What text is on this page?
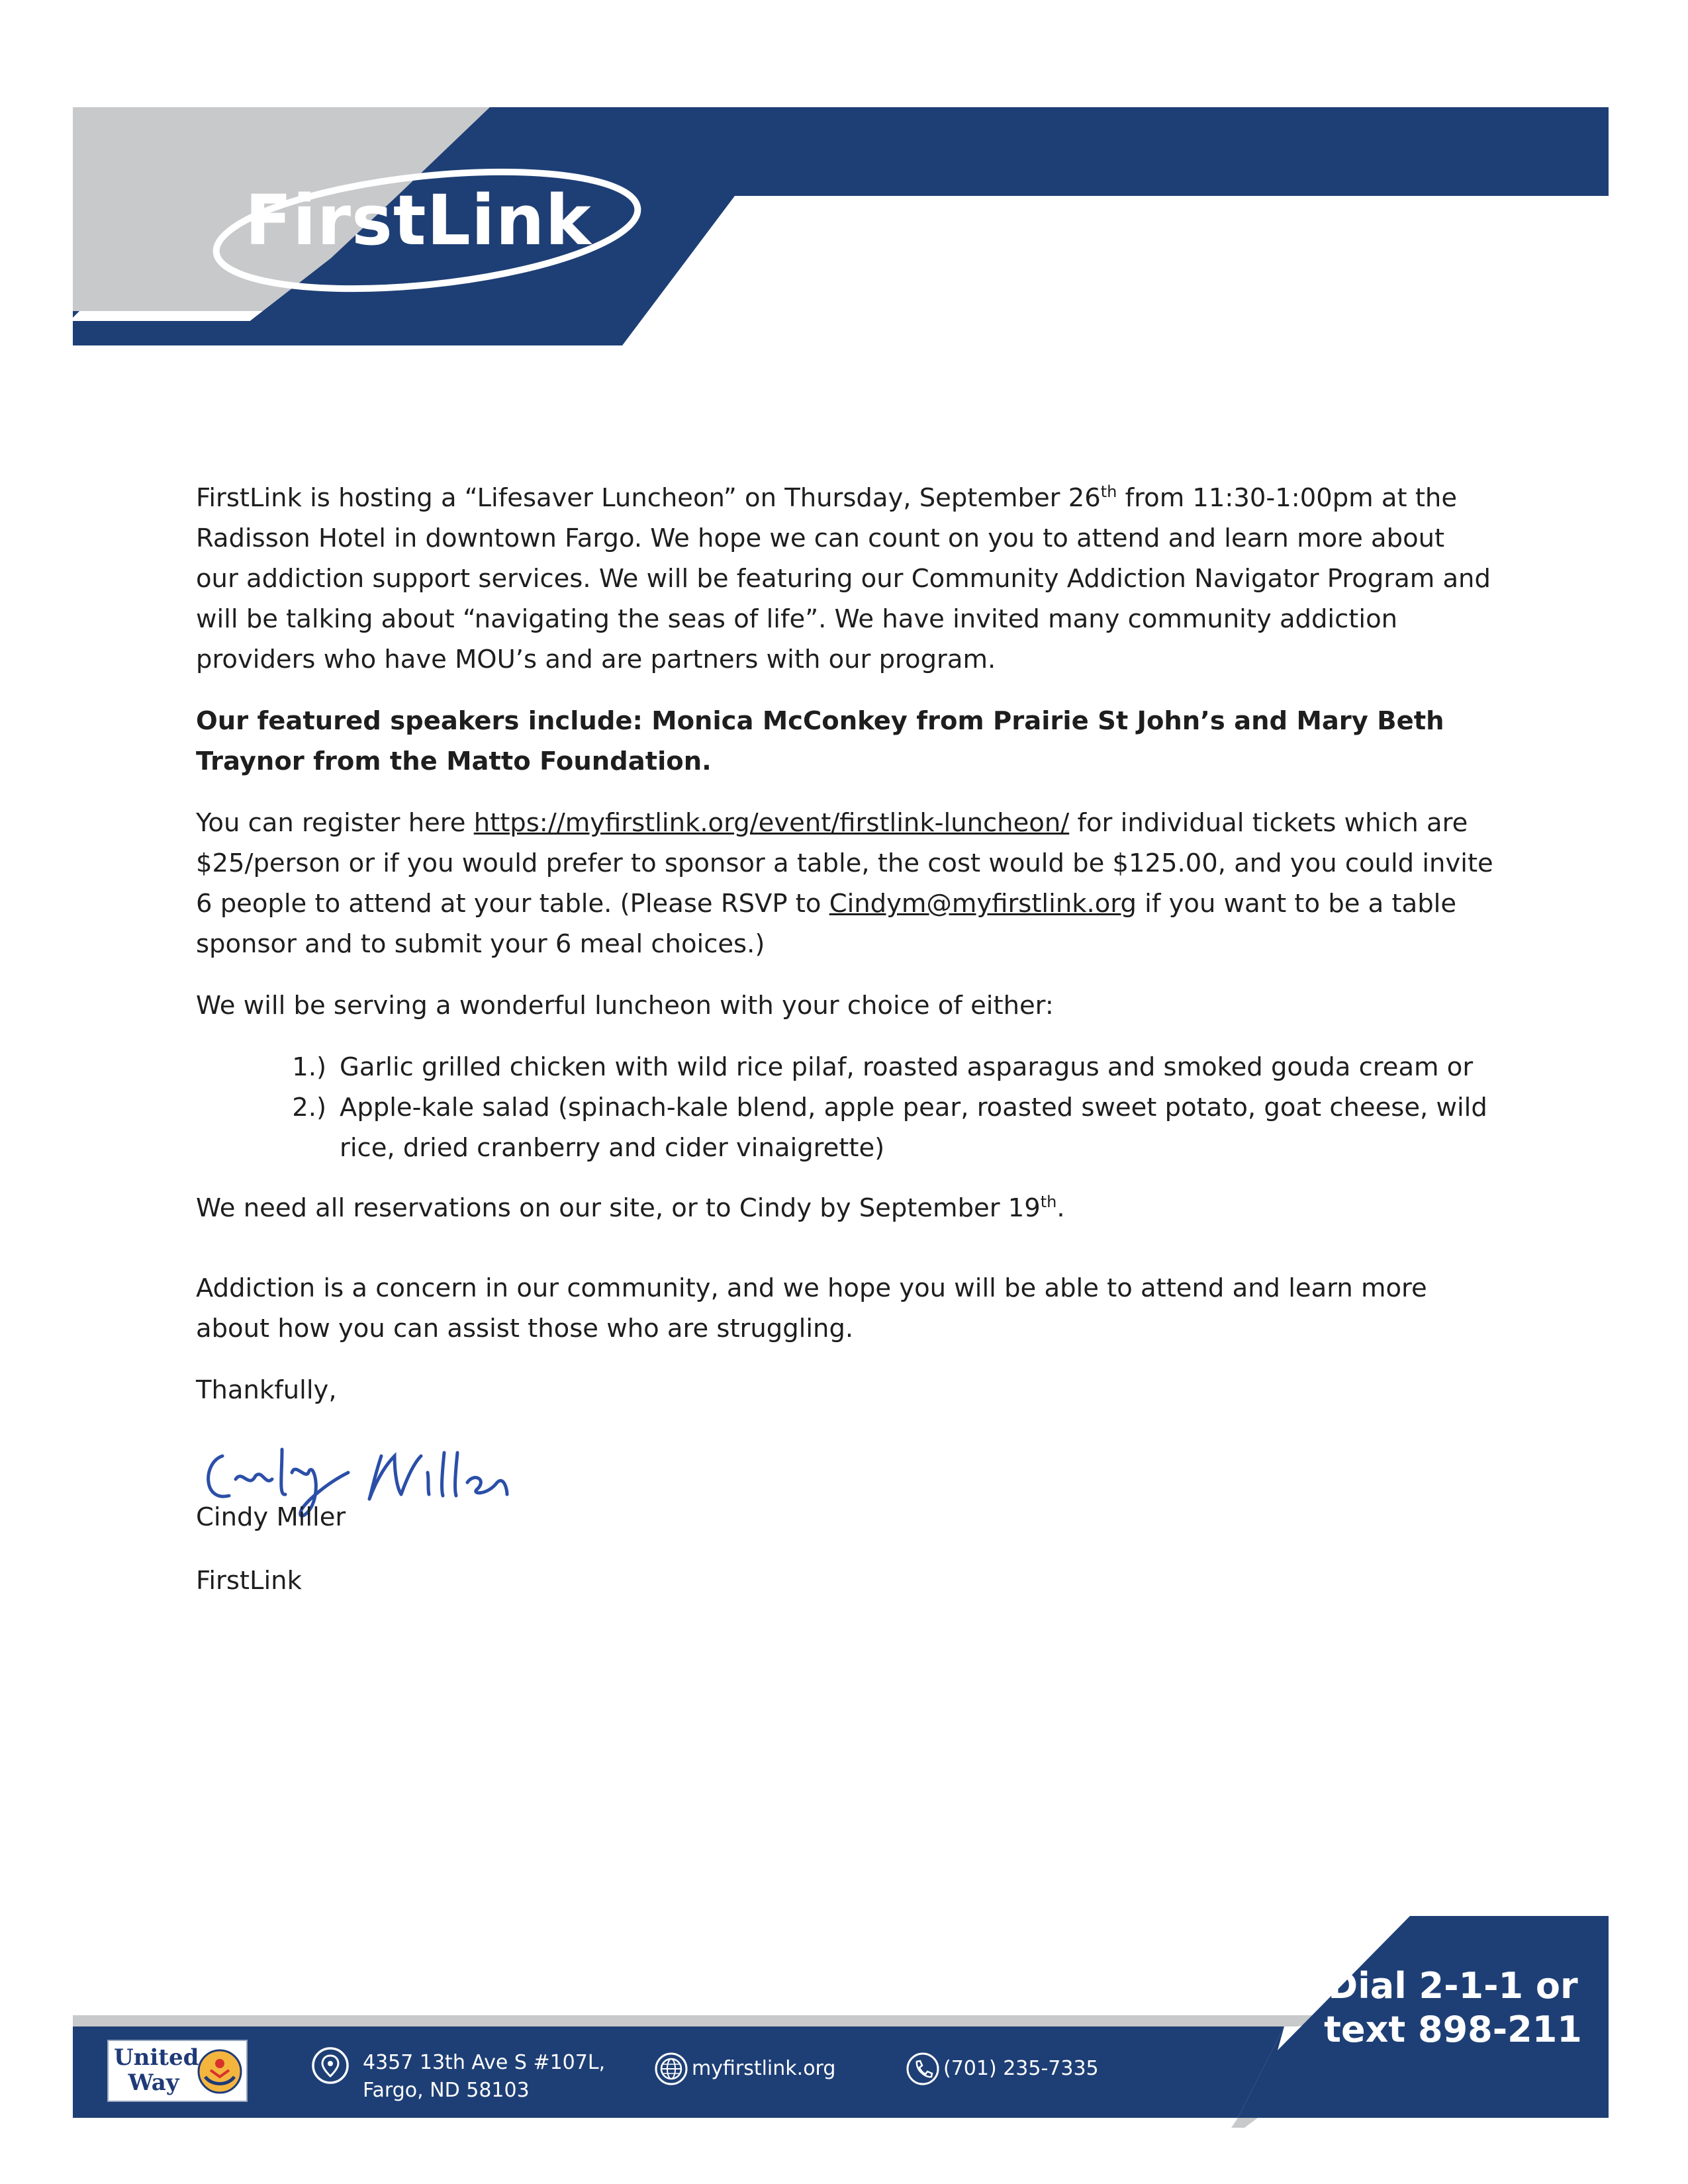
FirstLink

FirstLink is hosting a “Lifesaver Luncheon” on Thursday, September 26th from 11:30-1:00pm at the Radisson Hotel in downtown Fargo. We hope we can count on you to attend and learn more about our addiction support services. We will be featuring our Community Addiction Navigator Program and will be talking about “navigating the seas of life”. We have invited many community addiction providers who have MOU’s and are partners with our program.

Our featured speakers include: Monica McConkey from Prairie St John’s and Mary Beth Traynor from the Matto Foundation.

You can register here https://myfirstlink.org/event/firstlink-luncheon/ for individual tickets which are $25/person or if you would prefer to sponsor a table, the cost would be $125.00, and you could invite 6 people to attend at your table. (Please RSVP to Cindym@myfirstlink.org if you want to be a table sponsor and to submit your 6 meal choices.)

We will be serving a wonderful luncheon with your choice of either:

1.) Garlic grilled chicken with wild rice pilaf, roasted asparagus and smoked gouda cream or
2.) Apple-kale salad (spinach-kale blend, apple pear, roasted sweet potato, goat cheese, wild rice, dried cranberry and cider vinaigrette)

We need all reservations on our site, or to Cindy by September 19th.

Addiction is a concern in our community, and we hope you will be able to attend and learn more about how you can assist those who are struggling.

Thankfully,

Cindy Miller
FirstLink
Dial 2-1-1 or
text 898-211
United
Way
4357 13th Ave S #107L,
Fargo, ND 58103
myfirstlink.org	(701) 235-7335
